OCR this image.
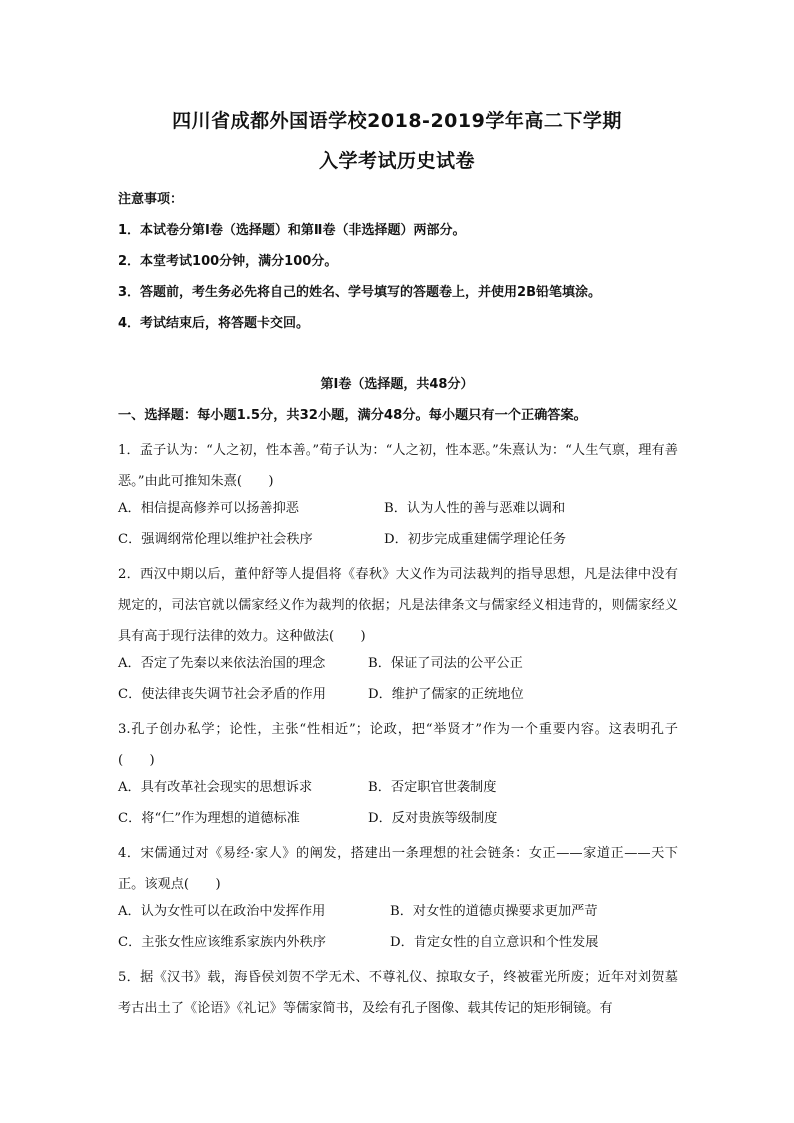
四川省成都外国语学校2018-2019学年高二下学期
入学考试历史试卷
注意事项：
1．本试卷分第Ⅰ卷（选择题）和第Ⅱ卷（非选择题）两部分。
2．本堂考试100分钟，满分100分。
3．答题前，考生务必先将自己的姓名、学号填写的答题卷上，并使用2B铅笔填涂。
4．考试结束后，将答题卡交回。
第Ⅰ卷（选择题，共48分）
一、选择题：每小题1.5分，共32小题，满分48分。每小题只有一个正确答案。
1．孟子认为：“人之初，性本善。”荀子认为：“人之初，性本恶。”朱熹认为：“人生气禀，理有善恶。”由此可推知朱熹(　　)
A．相信提高修养可以扬善抑恶	B．认为人性的善与恶难以调和
C．强调纲常伦理以维护社会秩序	D．初步完成重建儒学理论任务
2．西汉中期以后，董仲舒等人提倡将《春秋》大义作为司法裁判的指导思想，凡是法律中没有规定的，司法官就以儒家经义作为裁判的依据；凡是法律条文与儒家经义相违背的，则儒家经义具有高于现行法律的效力。这种做法(　　)
A．否定了先秦以来依法治国的理念	B．保证了司法的公平公正
C．使法律丧失调节社会矛盾的作用	D．维护了儒家的正统地位
3.孔子创办私学；论性，主张“性相近”；论政，把“举贤才”作为一个重要内容。这表明孔子(　　)
A．具有改革社会现实的思想诉求	B．否定职官世袭制度
C．将“仁”作为理想的道德标准	D．反对贵族等级制度
4．宋儒通过对《易经·家人》的阐发，搭建出一条理想的社会链条：女正——家道正——天下正。该观点(　　)
A．认为女性可以在政治中发挥作用	B．对女性的道德贞操要求更加严苛
C．主张女性应该维系家族内外秩序	D．肯定女性的自立意识和个性发展
5．据《汉书》载，海昏侯刘贺不学无术、不尊礼仪、掠取女子，终被霍光所废；近年对刘贺墓考古出土了《论语》《礼记》等儒家简书，及绘有孔子图像、载其传记的矩形铜镜。有
